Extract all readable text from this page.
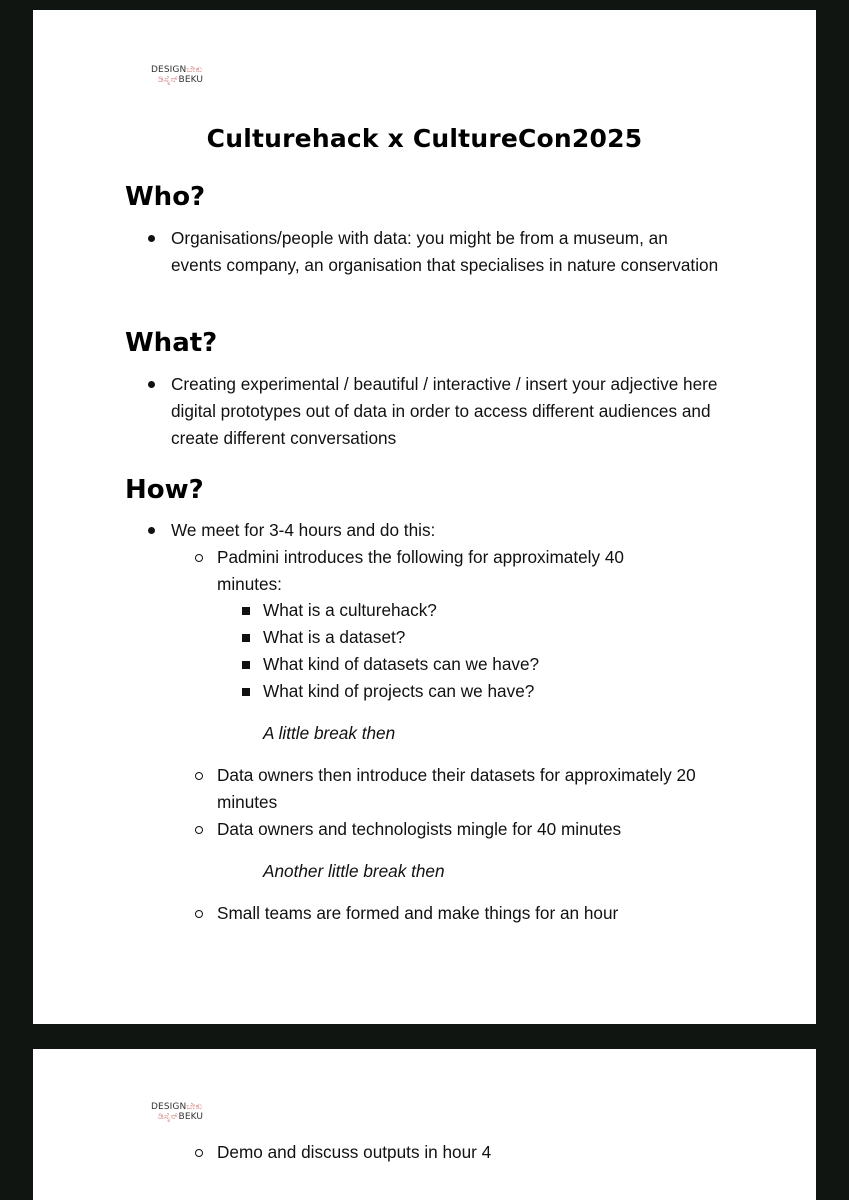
DESIGNಬೇಕು
ಡಿಸೈನ್BEKU
Culturehack x CultureCon2025
Who?
Organisations/people with data: you might be from a museum, an events company, an organisation that specialises in nature conservation
What?
Creating experimental / beautiful / interactive / insert your adjective here digital prototypes out of data in order to access different audiences and create different conversations
How?
We meet for 3-4 hours and do this:
Padmini introduces the following for approximately 40 minutes:
What is a culturehack?
What is a dataset?
What kind of datasets can we have?
What kind of projects can we have?
A little break then
Data owners then introduce their datasets for approximately 20 minutes
Data owners and technologists mingle for 40 minutes
Another little break then
Small teams are formed and make things for an hour
DESIGNಬೇಕು
ಡಿಸೈನ್BEKU
Demo and discuss outputs in hour 4
